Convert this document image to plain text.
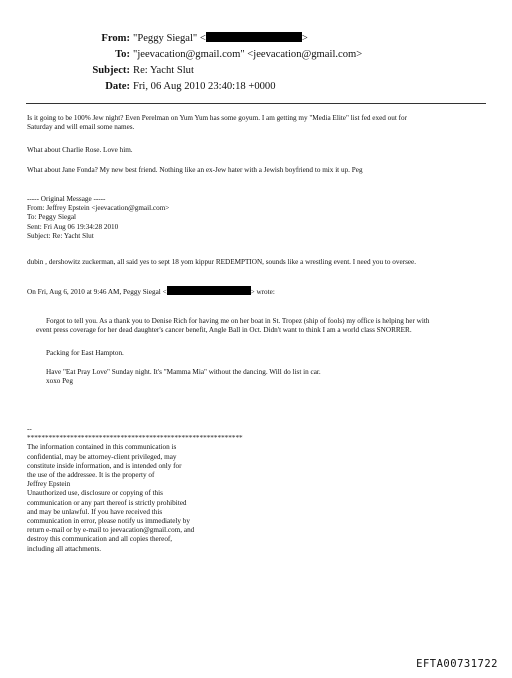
From: "Peggy Siegal" <	>
To: "jeevacation@gmail.com" <jeevacation@gmail.com>
Subject: Re: Yacht Slut
Date: Fri, 06 Aug 2010 23:40:18 +0000
Is it going to be 100% Jew night? Even Perelman on Yum Yum has some goyum. I am getting my "Media Elite" list fed exed out for
Saturday and will email some names.
What about Charlie Rose. Love him.
What about Jane Fonda? My new best friend. Nothing like an ex-Jew hater with a Jewish boyfriend to mix it up. Peg
----- Original Message -----
From: Jeffrey Epstein <jeevacation@gmail.com>
To: Peggy Siegal
Sent: Fri Aug 06 19:34:28 2010
Subject: Re: Yacht Slut
dubin , dershowitz zuckerman, all said yes to sept 18 yom kippur REDEMPTION, sounds like a wrestling event. I need you to oversee.
On Fri, Aug 6, 2010 at 9:46 AM, Peggy Siegal <	> wrote:
Forgot to tell you. As a thank you to Denise Rich for having me on her boat in St. Tropez (ship of fools) my office is helping her with
event press coverage for her dead daughter's cancer benefit, Angle Ball in Oct. Didn't want to think I am a world class SNORRER.
Packing for East Hampton.
Have "Eat Pray Love" Sunday night. It's "Mamma Mia" without the dancing. Will do list in car.
xoxo Peg
--
************************************************************
The information contained in this communication is
confidential, may be attorney-client privileged, may
constitute inside information, and is intended only for
the use of the addressee. It is the property of
Jeffrey Epstein
Unauthorized use, disclosure or copying of this
communication or any part thereof is strictly prohibited
and may be unlawful. If you have received this
communication in error, please notify us immediately by
return e-mail or by e-mail to jeevacation@gmail.com, and
destroy this communication and all copies thereof,
including all attachments.
EFTA00731722
